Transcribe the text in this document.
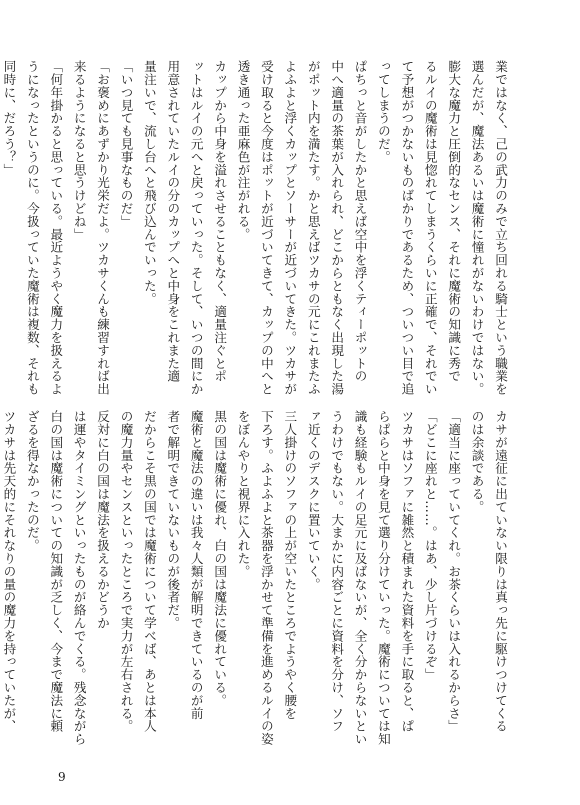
業ではなく、己の武力のみで立ち回れる騎士という職業を
選んだが、魔法あるいは魔術に憧れがないわけではない。
膨大な魔力と圧倒的なセンス、それに魔術の知識に秀で
るルイの魔術は見惚れてしまうくらいに正確で、それでい
て予想がつかないものばかりであるため、ついつい目で追
ってしまうのだ。
ぱちっと音がしたかと思えば空中を浮くティーポットの
中へ適量の茶葉が入れられ、どこからともなく出現した湯
がポット内を満たす。かと思えばツカサの元にこれまたふ
よふよと浮くカップとソーサーが近づいてきた。ツカサが
受け取ると今度はポットが近づいてきて、カップの中へと
透き通った亜麻色が注がれる。
カップから中身を溢れさせることもなく、適量注ぐとポ
ットはルイの元へと戻っていった。そして、いつの間にか
用意されていたルイの分のカップへと中身をこれまた適
量注いで、流し台へと飛び込んでいった。
「いつ見ても見事なものだ」
「お褒めにあずかり光栄だよ。ツカサくんも練習すれば出
来るようになると思うけどね」
「何年掛かると思っている。最近ようやく魔力を扱えるよ
うになったというのに。今扱っていた魔術は複数、それも
同時に、だろう？」
カサが遠征に出ていない限りは真っ先に駆けつけてくる
のは余談である。
「適当に座っていてくれ。お茶くらいは入れるからさ」
「どこに座れと……。はあ、少し片づけるぞ」
ツカサはソファに雑然と積まれた資料を手に取ると、ぱ
らぱらと中身を見て選り分けていった。魔術については知
識も経験もルイの足元に及ばないが、全く分からないとい
うわけでもない。大まかに内容ごとに資料を分け、ソフ
ァ近くのデスクに置いていく。
三人掛けのソファの上が空いたところでようやく腰を
下ろす。ふよふよと茶器を浮かせて準備を進めるルイの姿
をぼんやりと視界に入れた。
黒の国は魔術に優れ、白の国は魔法に優れている。
魔術と魔法の違いは我々人類が解明できているのが前
者で解明できていないものが後者だ。
だからこそ黒の国では魔術について学べば、あとは本人
の魔力量やセンスといったところで実力が左右される。
反対に白の国は魔法を扱えるかどうか
は運やタイミングといったものが絡んでくる。残念ながら
白の国は魔術についての知識が乏しく、今まで魔法に頼
ざるを得なかったのだ。
ツカサは先天的にそれなりの量の魔力を持っていたが、
9
